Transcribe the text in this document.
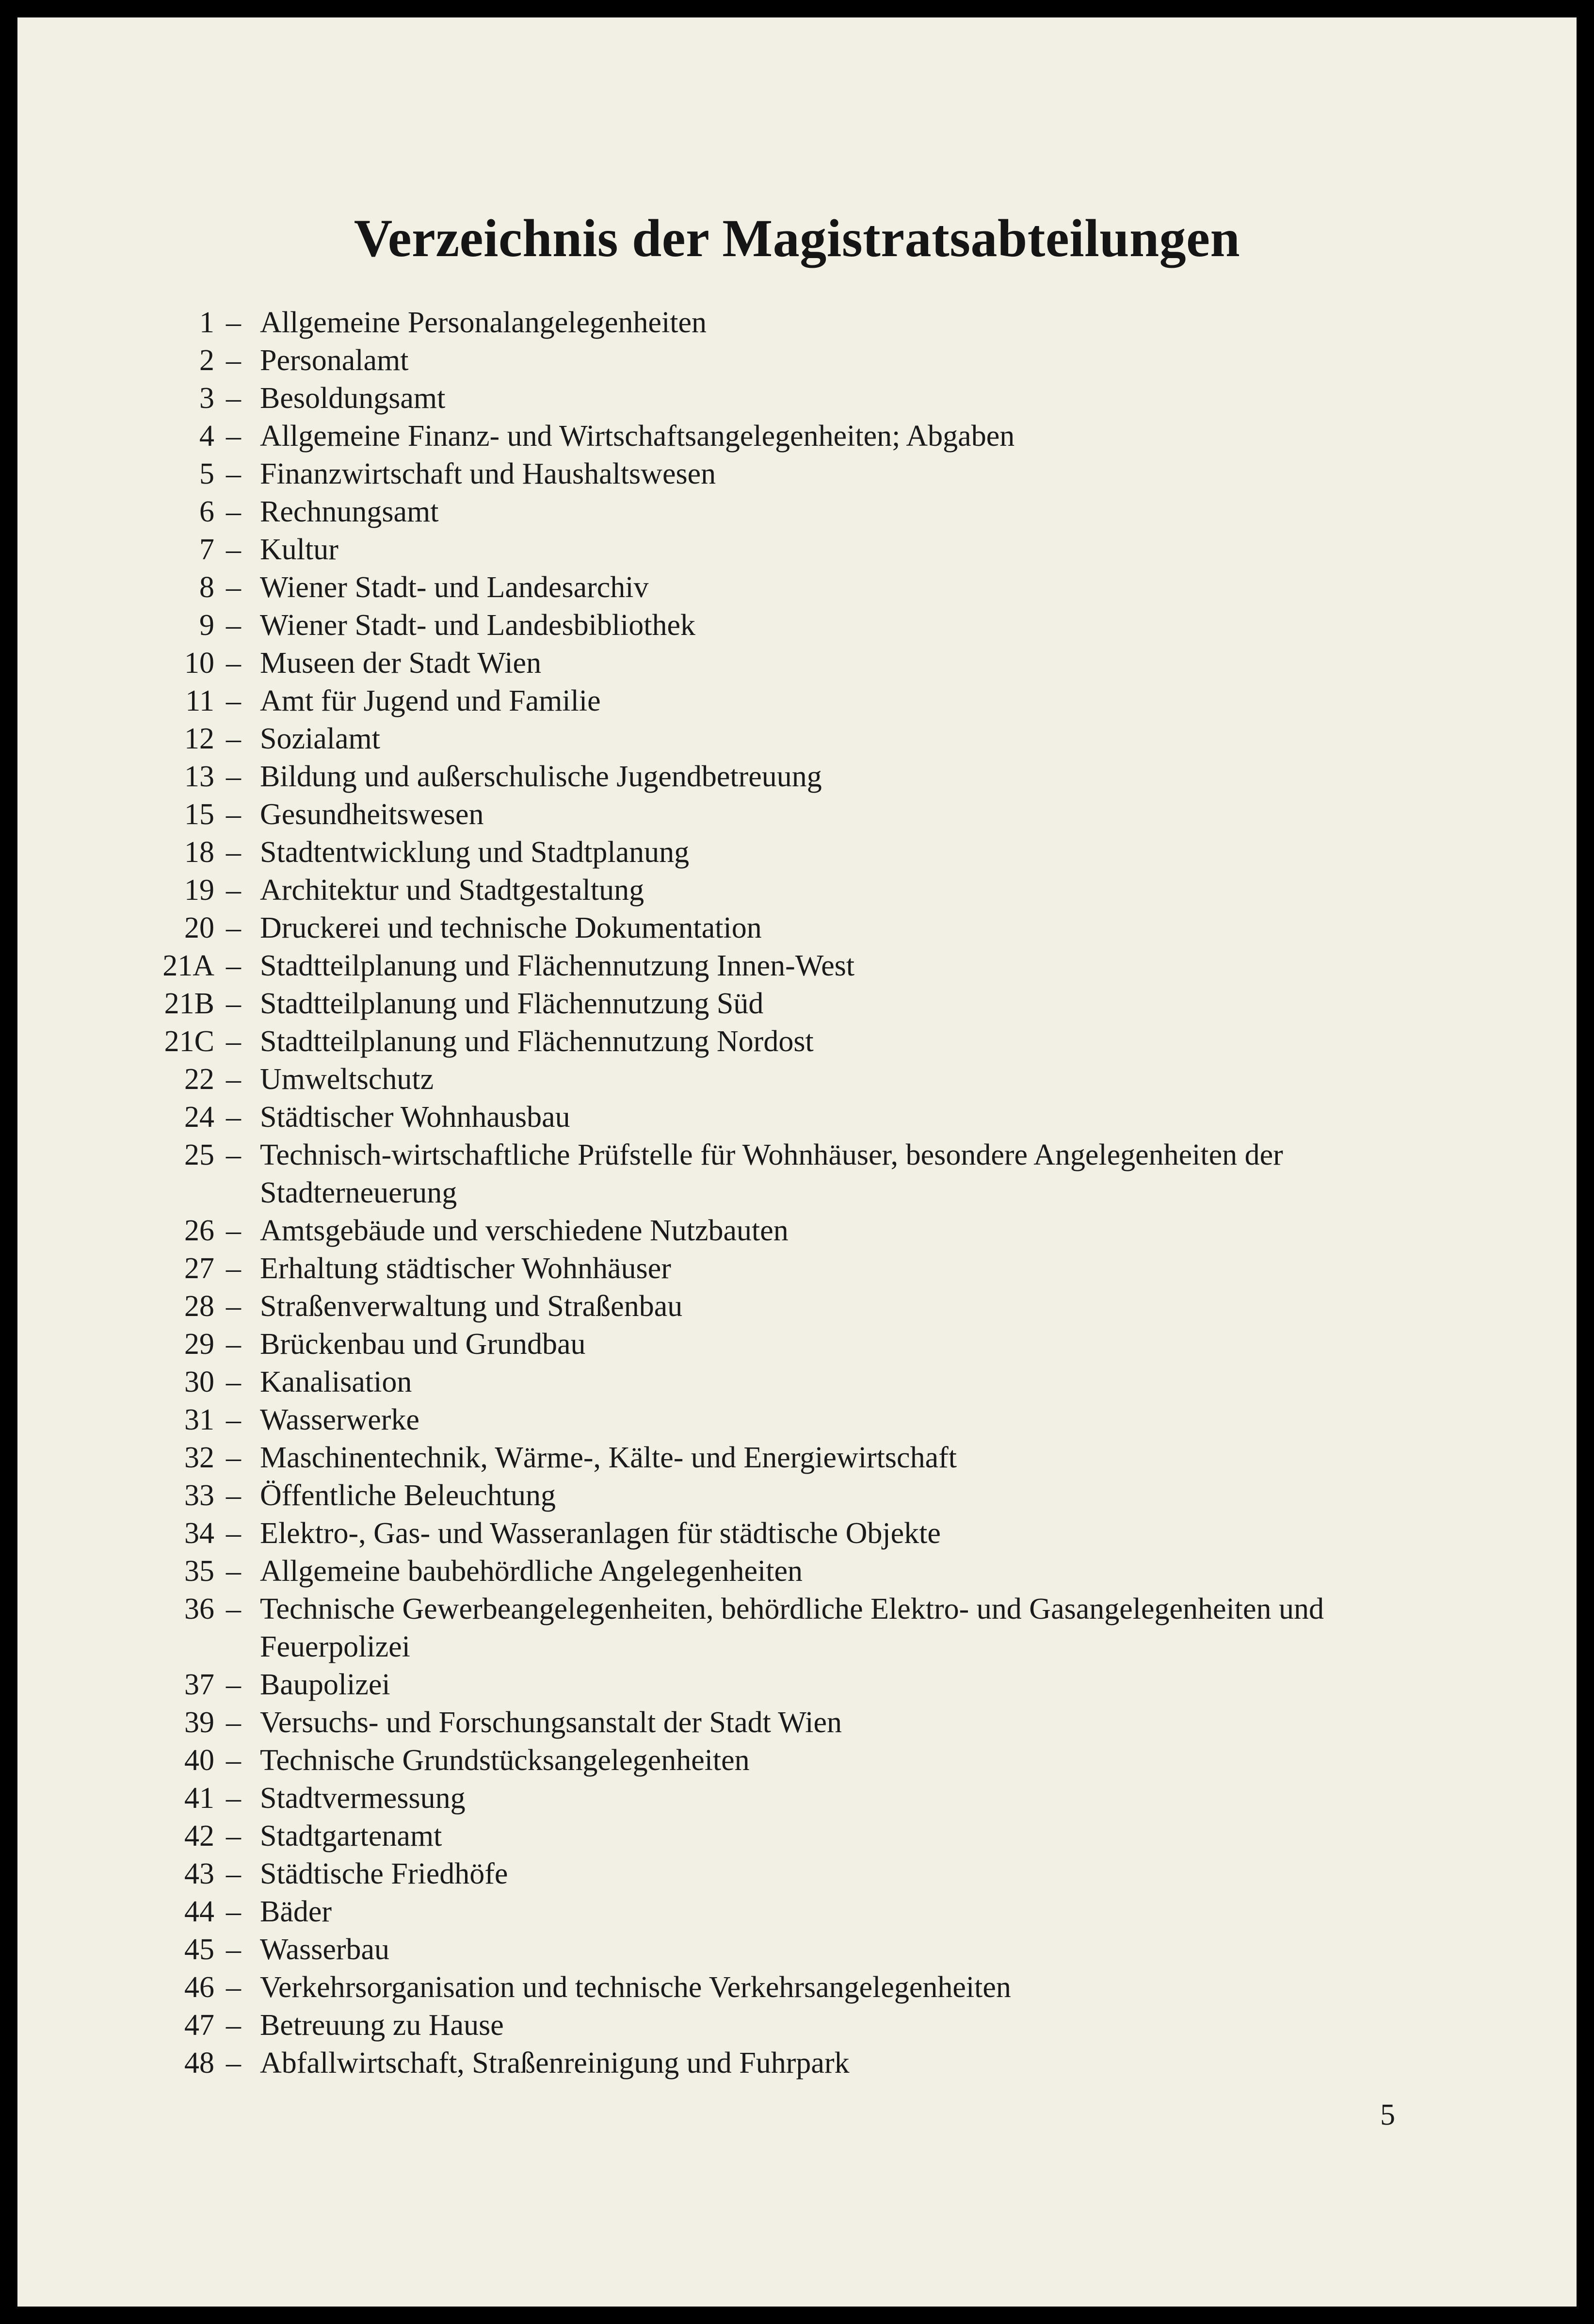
Verzeichnis der Magistratsabteilungen
1 – Allgemeine Personalangelegenheiten
2 – Personalamt
3 – Besoldungsamt
4 – Allgemeine Finanz- und Wirtschaftsangelegenheiten; Abgaben
5 – Finanzwirtschaft und Haushaltswesen
6 – Rechnungsamt
7 – Kultur
8 – Wiener Stadt- und Landesarchiv
9 – Wiener Stadt- und Landesbibliothek
10 – Museen der Stadt Wien
11 – Amt für Jugend und Familie
12 – Sozialamt
13 – Bildung und außerschulische Jugendbetreuung
15 – Gesundheitswesen
18 – Stadtentwicklung und Stadtplanung
19 – Architektur und Stadtgestaltung
20 – Druckerei und technische Dokumentation
21A – Stadtteilplanung und Flächennutzung Innen-West
21B – Stadtteilplanung und Flächennutzung Süd
21C – Stadtteilplanung und Flächennutzung Nordost
22 – Umweltschutz
24 – Städtischer Wohnhausbau
25 – Technisch-wirtschaftliche Prüfstelle für Wohnhäuser, besondere Angelegenheiten der Stadterneuerung
26 – Amtsgebäude und verschiedene Nutzbauten
27 – Erhaltung städtischer Wohnhäuser
28 – Straßenverwaltung und Straßenbau
29 – Brückenbau und Grundbau
30 – Kanalisation
31 – Wasserwerke
32 – Maschinentechnik, Wärme-, Kälte- und Energiewirtschaft
33 – Öffentliche Beleuchtung
34 – Elektro-, Gas- und Wasseranlagen für städtische Objekte
35 – Allgemeine baubehördliche Angelegenheiten
36 – Technische Gewerbeangelegenheiten, behördliche Elektro- und Gasangelegenheiten und Feuerpolizei
37 – Baupolizei
39 – Versuchs- und Forschungsanstalt der Stadt Wien
40 – Technische Grundstücksangelegenheiten
41 – Stadtvermessung
42 – Stadtgartenamt
43 – Städtische Friedhöfe
44 – Bäder
45 – Wasserbau
46 – Verkehrsorganisation und technische Verkehrsangelegenheiten
47 – Betreuung zu Hause
48 – Abfallwirtschaft, Straßenreinigung und Fuhrpark
5
